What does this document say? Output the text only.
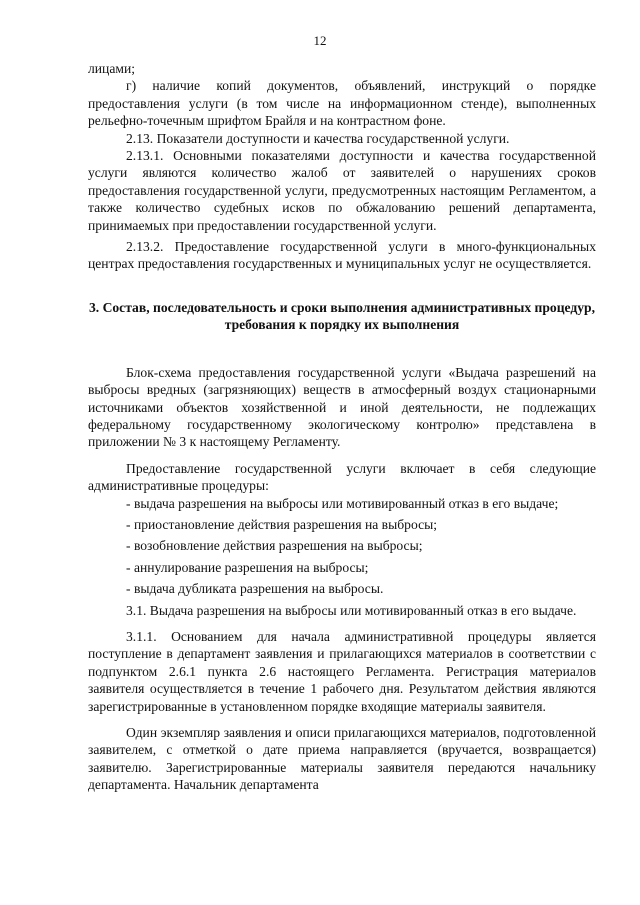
12

лицами;

г) наличие копий документов, объявлений, инструкций о порядке предоставления услуги (в том числе на информационном стенде), выполненных рельефно-точечным шрифтом Брайля и на контрастном фоне.

2.13. Показатели доступности и качества государственной услуги.

2.13.1. Основными показателями доступности и качества государственной услуги являются количество жалоб от заявителей о нарушениях сроков предоставления государственной услуги, предусмотренных настоящим Регламентом, а также количество судебных исков по обжалованию решений департамента, принимаемых при предоставлении государственной услуги.

2.13.2. Предоставление государственной услуги в много-функциональных центрах предоставления государственных и муниципальных услуг не осуществляется.

3. Состав, последовательность и сроки выполнения административных процедур, требования к порядку их выполнения

Блок-схема предоставления государственной услуги «Выдача разрешений на выбросы вредных (загрязняющих) веществ в атмосферный воздух стационарными источниками объектов хозяйственной и иной деятельности, не подлежащих федеральному государственному экологическому контролю» представлена в приложении № 3 к настоящему Регламенту.

Предоставление государственной услуги включает в себя следующие административные процедуры:

- выдача разрешения на выбросы или мотивированный отказ в его выдаче;

- приостановление действия разрешения на выбросы;

- возобновление действия разрешения на выбросы;

- аннулирование разрешения на выбросы;

- выдача дубликата разрешения на выбросы.

3.1. Выдача разрешения на выбросы или мотивированный отказ в его выдаче.

3.1.1. Основанием для начала административной процедуры является поступление в департамент заявления и прилагающихся материалов в соответствии с подпунктом 2.6.1 пункта 2.6 настоящего Регламента. Регистрация материалов заявителя осуществляется в течение 1 рабочего дня. Результатом действия являются зарегистрированные в установленном порядке входящие материалы заявителя.

Один экземпляр заявления и описи прилагающихся материалов, подготовленной заявителем, с отметкой о дате приема направляется (вручается, возвращается) заявителю. Зарегистрированные материалы заявителя передаются начальнику департамента. Начальник департамента
